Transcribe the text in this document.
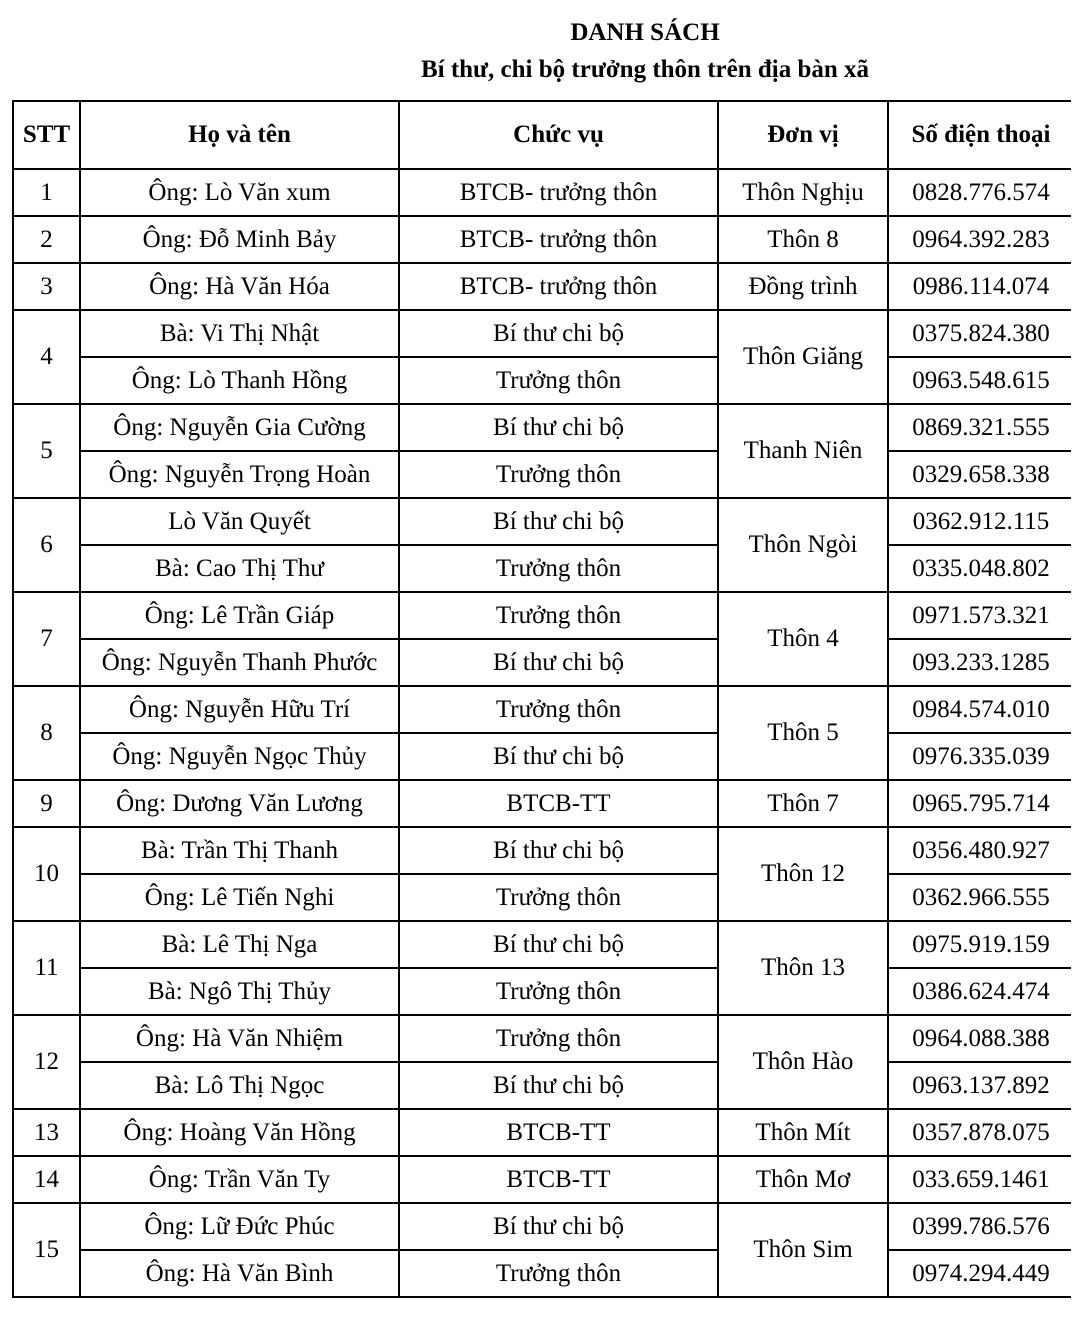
DANH SÁCH
Bí thư, chi bộ trưởng thôn trên địa bàn xã
STT	Họ và tên	Chức vụ	Đơn vị	Số điện thoại
1	Ông: Lò Văn xum	BTCB- trưởng thôn	Thôn Nghịu	0828.776.574
2	Ông: Đỗ Minh Bảy	BTCB- trưởng thôn	Thôn 8	0964.392.283
3	Ông: Hà Văn Hóa	BTCB- trưởng thôn	Đồng trình	0986.114.074
4	Bà: Vi Thị Nhật	Bí thư chi bộ	Thôn Giăng	0375.824.380
	Ông: Lò Thanh Hồng	Trưởng thôn		0963.548.615
5	Ông: Nguyễn Gia Cường	Bí thư chi bộ	Thanh Niên	0869.321.555
	Ông: Nguyễn Trọng Hoàn	Trưởng thôn		0329.658.338
6	Lò Văn Quyết	Bí thư chi bộ	Thôn Ngòi	0362.912.115
	Bà: Cao Thị Thư	Trưởng thôn		0335.048.802
7	Ông: Lê Trần Giáp	Trưởng thôn	Thôn 4	0971.573.321
	Ông: Nguyễn Thanh Phước	Bí thư chi bộ		093.233.1285
8	Ông: Nguyễn Hữu Trí	Trưởng thôn	Thôn 5	0984.574.010
	Ông: Nguyễn Ngọc Thủy	Bí thư chi bộ		0976.335.039
9	Ông: Dương Văn Lương	BTCB-TT	Thôn 7	0965.795.714
10	Bà: Trần Thị Thanh	Bí thư chi bộ	Thôn 12	0356.480.927
	Ông: Lê Tiến Nghi	Trưởng thôn		0362.966.555
11	Bà: Lê Thị Nga	Bí thư chi bộ	Thôn 13	0975.919.159
	Bà: Ngô Thị Thủy	Trưởng thôn		0386.624.474
12	Ông: Hà Văn Nhiệm	Trưởng thôn	Thôn Hào	0964.088.388
	Bà: Lô Thị Ngọc	Bí thư chi bộ		0963.137.892
13	Ông: Hoàng Văn Hồng	BTCB-TT	Thôn Mít	0357.878.075
14	Ông: Trần Văn Ty	BTCB-TT	Thôn Mơ	033.659.1461
15	Ông: Lữ Đức Phúc	Bí thư chi bộ	Thôn Sim	0399.786.576
	Ông: Hà Văn Bình	Trưởng thôn		0974.294.449
